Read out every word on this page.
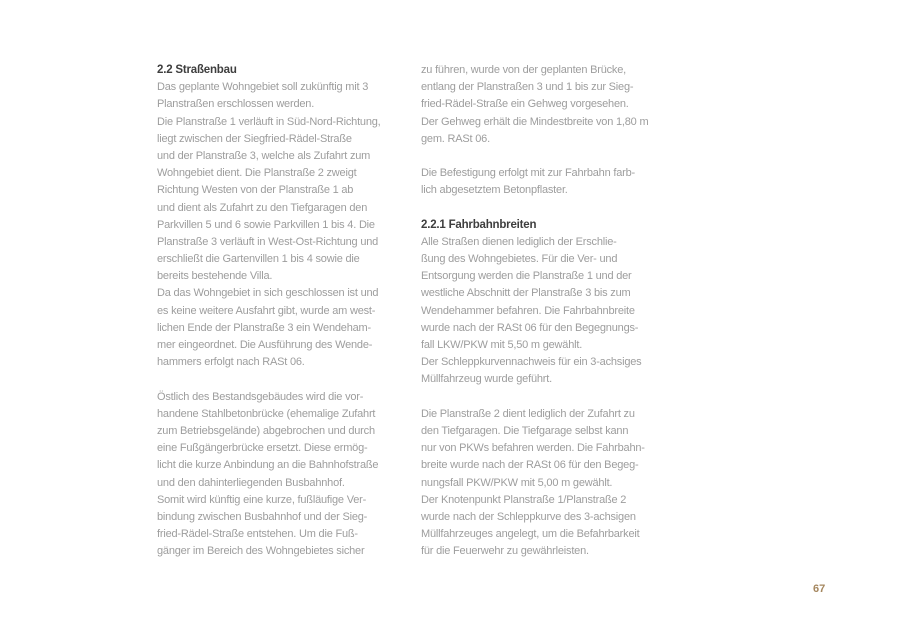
2.2 Straßenbau
Das geplante Wohngebiet soll zukünftig mit 3
Planstraßen erschlossen werden.
Die Planstraße 1 verläuft in Süd-Nord-Richtung,
liegt zwischen der Siegfried-Rädel-Straße
und der Planstraße 3, welche als Zufahrt zum
Wohngebiet dient. Die Planstraße 2 zweigt
Richtung Westen von der Planstraße 1 ab
und dient als Zufahrt zu den Tiefgaragen den
Parkvillen 5 und 6 sowie Parkvillen 1 bis 4. Die
Planstraße 3 verläuft in West-Ost-Richtung und
erschließt die Gartenvillen 1 bis 4 sowie die
bereits bestehende Villa.
Da das Wohngebiet in sich geschlossen ist und
es keine weitere Ausfahrt gibt, wurde am west-
lichen Ende der Planstraße 3 ein Wendeham-
mer eingeordnet. Die Ausführung des Wende-
hammers erfolgt nach RASt 06.
Östlich des Bestandsgebäudes wird die vor-
handene Stahlbetonbrücke (ehemalige Zufahrt
zum Betriebsgelände) abgebrochen und durch
eine Fußgängerbrücke ersetzt. Diese ermög-
licht die kurze Anbindung an die Bahnhofstraße
und den dahinterliegenden Busbahnhof.
Somit wird künftig eine kurze, fußläufige Ver-
bindung zwischen Busbahnhof und der Sieg-
fried-Rädel-Straße entstehen. Um die Fuß-
gänger im Bereich des Wohngebietes sicher
zu führen, wurde von der geplanten Brücke,
entlang der Planstraßen 3 und 1 bis zur Sieg-
fried-Rädel-Straße ein Gehweg vorgesehen.
Der Gehweg erhält die Mindestbreite von 1,80 m
gem. RASt 06.
Die Befestigung erfolgt mit zur Fahrbahn farb-
lich abgesetztem Betonpflaster.
2.2.1 Fahrbahnbreiten
Alle Straßen dienen lediglich der Erschlie-
ßung des Wohngebietes. Für die Ver- und
Entsorgung werden die Planstraße 1 und der
westliche Abschnitt der Planstraße 3 bis zum
Wendehammer befahren. Die Fahrbahnbreite
wurde nach der RASt 06 für den Begegnungs-
fall LKW/PKW mit 5,50 m gewählt.
Der Schleppkurvennachweis für ein 3-achsiges
Müllfahrzeug wurde geführt.
Die Planstraße 2 dient lediglich der Zufahrt zu
den Tiefgaragen. Die Tiefgarage selbst kann
nur von PKWs befahren werden. Die Fahrbahn-
breite wurde nach der RASt 06 für den Begeg-
nungsfall PKW/PKW mit 5,00 m gewählt.
Der Knotenpunkt Planstraße 1/Planstraße 2
wurde nach der Schleppkurve des 3-achsigen
Müllfahrzeuges angelegt, um die Befahrbarkeit
für die Feuerwehr zu gewährleisten.
67
